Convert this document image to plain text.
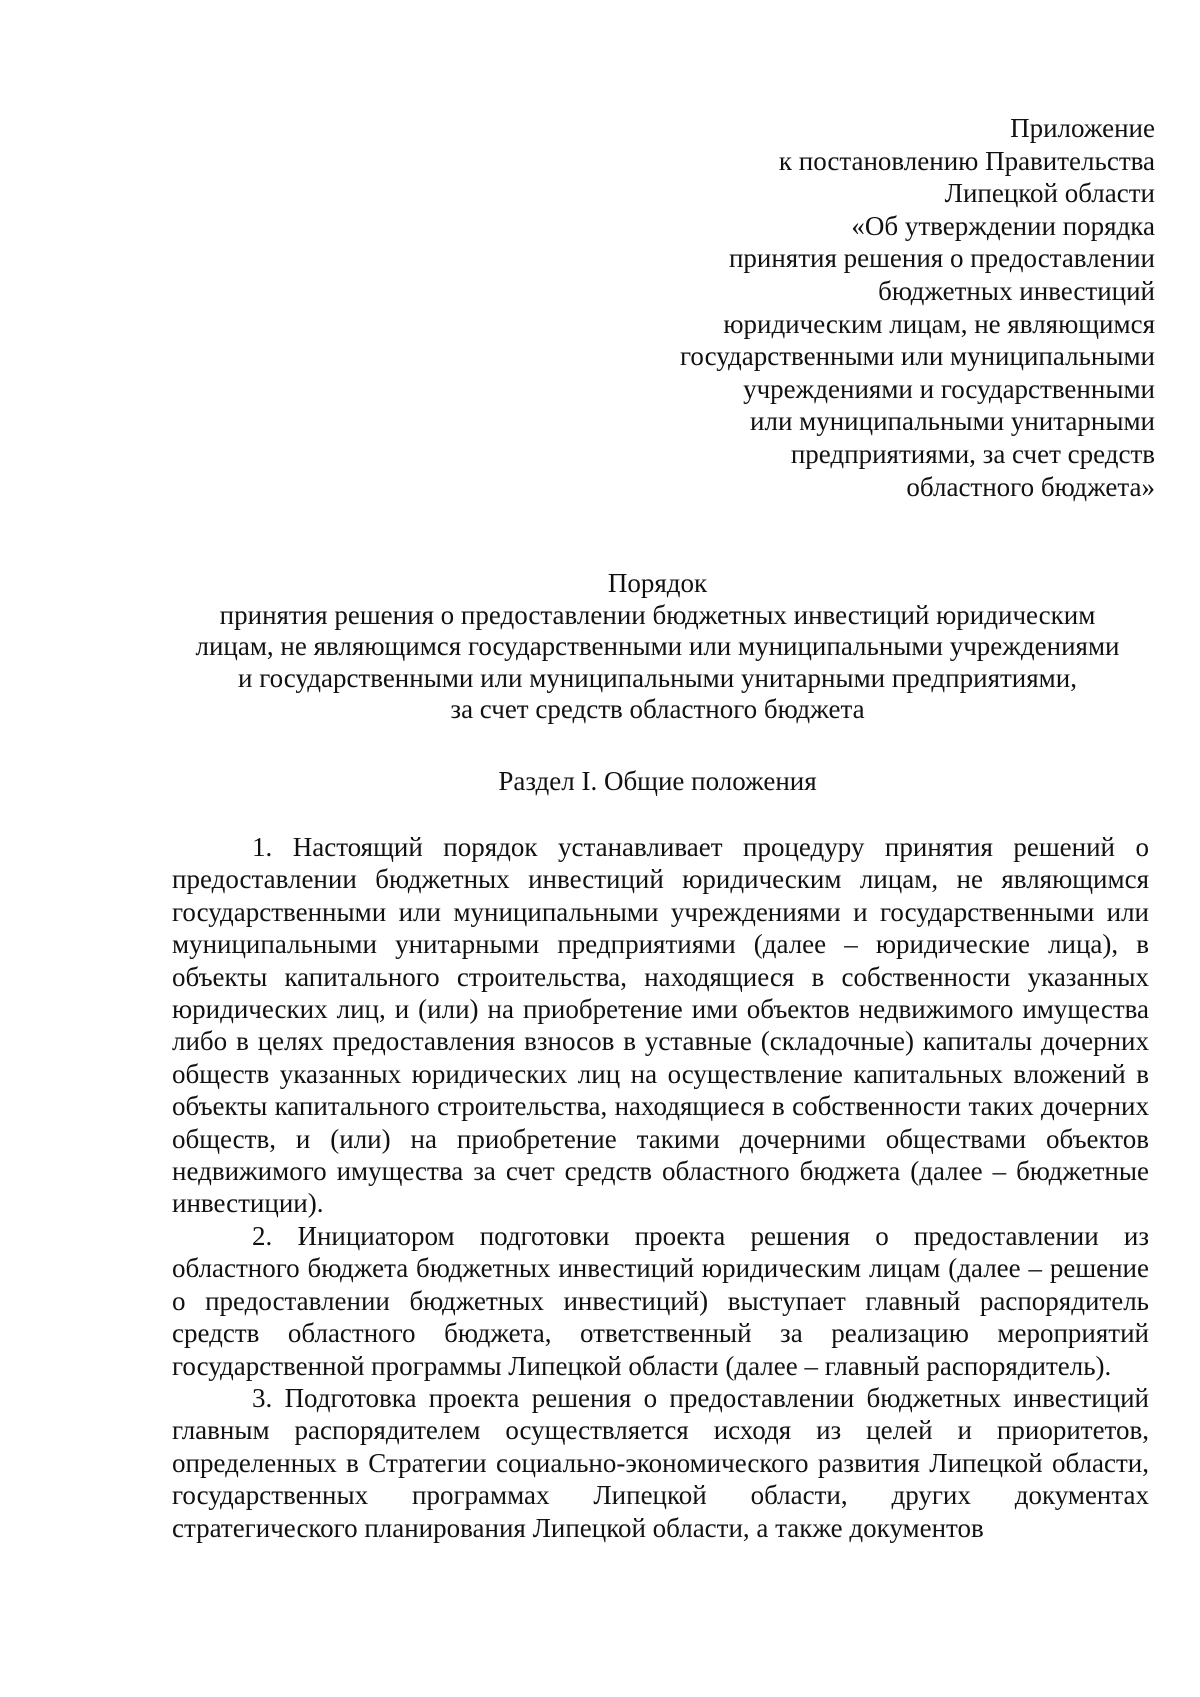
Приложение
к постановлению Правительства
Липецкой области
«Об утверждении порядка
принятия решения о предоставлении
бюджетных инвестиций
юридическим лицам, не являющимся
государственными или муниципальными
учреждениями и государственными
или муниципальными унитарными
предприятиями, за счет средств
областного бюджета»
Порядок
принятия решения о предоставлении бюджетных инвестиций юридическим
лицам, не являющимся государственными или муниципальными учреждениями
и государственными или муниципальными унитарными предприятиями,
за счет средств областного бюджета
Раздел I. Общие положения

1. Настоящий порядок устанавливает процедуру принятия решений о предоставлении бюджетных инвестиций юридическим лицам, не являющимся государственными или муниципальными учреждениями и государственными или муниципальными унитарными предприятиями (далее – юридические лица), в объекты капитального строительства, находящиеся в собственности указанных юридических лиц, и (или) на приобретение ими объектов недвижимого имущества либо в целях предоставления взносов в уставные (складочные) капиталы дочерних обществ указанных юридических лиц на осуществление капитальных вложений в объекты капитального строительства, находящиеся в собственности таких дочерних обществ, и (или) на приобретение такими дочерними обществами объектов недвижимого имущества за счет средств областного бюджета (далее – бюджетные инвестиции).

2. Инициатором подготовки проекта решения о предоставлении из областного бюджета бюджетных инвестиций юридическим лицам (далее – решение о предоставлении бюджетных инвестиций) выступает главный распорядитель средств областного бюджета, ответственный за реализацию мероприятий государственной программы Липецкой области (далее – главный распорядитель).

3. Подготовка проекта решения о предоставлении бюджетных инвестиций главным распорядителем осуществляется исходя из целей и приоритетов, определенных в Стратегии социально-экономического развития Липецкой области, государственных программах Липецкой области, других документах стратегического планирования Липецкой области, а также документов
